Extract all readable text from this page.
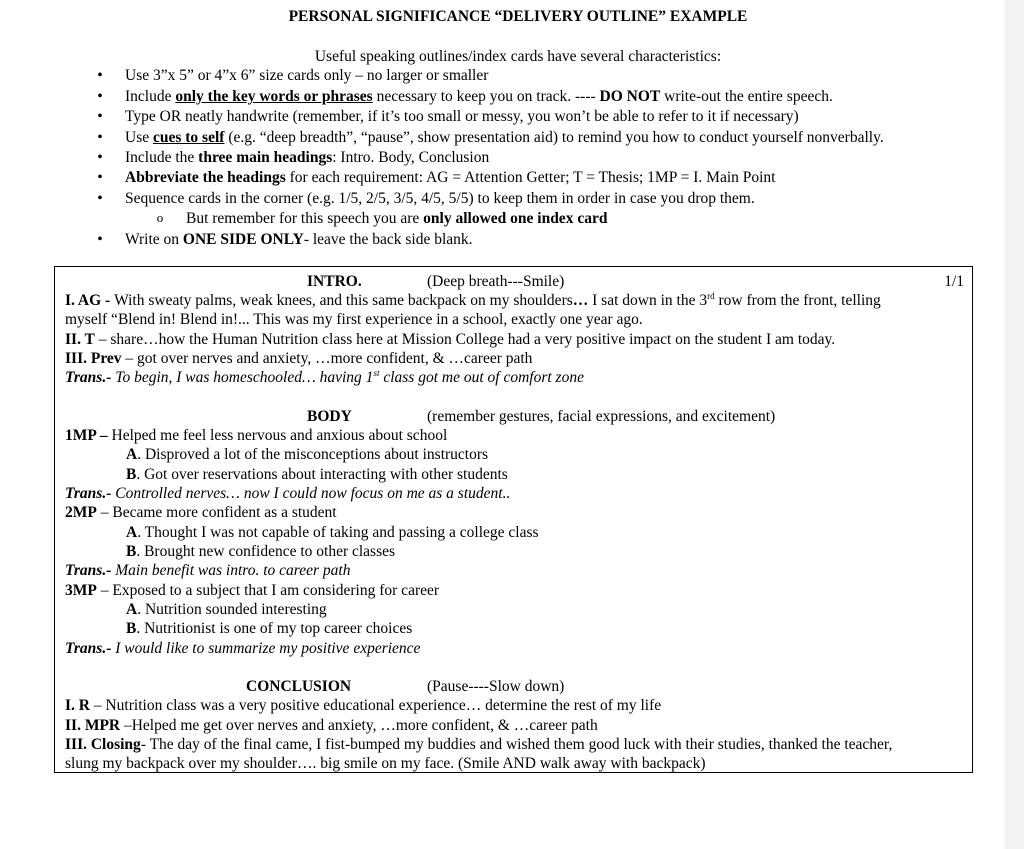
PERSONAL SIGNIFICANCE “DELIVERY OUTLINE” EXAMPLE
Useful speaking outlines/index cards have several characteristics:
• Use 3”x 5” or 4”x 6” size cards only – no larger or smaller
• Include only the key words or phrases necessary to keep you on track. ---- DO NOT write-out the entire speech.
• Type OR neatly handwrite (remember, if it’s too small or messy, you won’t be able to refer to it if necessary)
• Use cues to self (e.g. “deep breadth”, “pause”, show presentation aid) to remind you how to conduct yourself nonverbally.
• Include the three main headings: Intro. Body, Conclusion
• Abbreviate the headings for each requirement: AG = Attention Getter; T = Thesis; 1MP = I. Main Point
• Sequence cards in the corner (e.g. 1/5, 2/5, 3/5, 4/5, 5/5) to keep them in order in case you drop them.
o But remember for this speech you are only allowed one index card
• Write on ONE SIDE ONLY- leave the back side blank.
INTRO.	(Deep breath---Smile)	1/1
I. AG - With sweaty palms, weak knees, and this same backpack on my shoulders… I sat down in the 3rd row from the front, telling
myself “Blend in! Blend in!... This was my first experience in a school, exactly one year ago.
II. T – share…how the Human Nutrition class here at Mission College had a very positive impact on the student I am today.
III. Prev – got over nerves and anxiety, …more confident, & …career path
Trans.- To begin, I was homeschooled… having 1st class got me out of comfort zone
BODY	(remember gestures, facial expressions, and excitement)
1MP – Helped me feel less nervous and anxious about school
A. Disproved a lot of the misconceptions about instructors
B. Got over reservations about interacting with other students
Trans.- Controlled nerves… now I could now focus on me as a student..
2MP – Became more confident as a student
A. Thought I was not capable of taking and passing a college class
B. Brought new confidence to other classes
Trans.- Main benefit was intro. to career path
3MP – Exposed to a subject that I am considering for career
A. Nutrition sounded interesting
B. Nutritionist is one of my top career choices
Trans.- I would like to summarize my positive experience
CONCLUSION	(Pause----Slow down)
I. R – Nutrition class was a very positive educational experience… determine the rest of my life
II. MPR –Helped me get over nerves and anxiety, …more confident, & …career path
III. Closing- The day of the final came, I fist-bumped my buddies and wished them good luck with their studies, thanked the teacher,
slung my backpack over my shoulder…. big smile on my face. (Smile AND walk away with backpack)
